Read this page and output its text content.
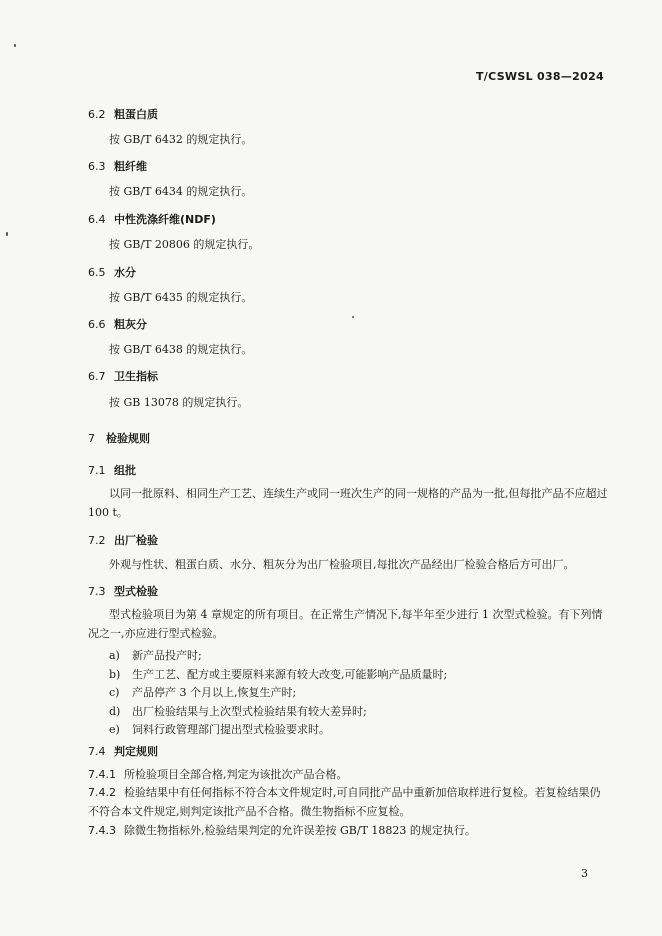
T/CSWSL 038—2024
6.2 粗蛋白质
按 GB/T 6432 的规定执行。
6.3 粗纤维
按 GB/T 6434 的规定执行。
6.4 中性洗涤纤维(NDF)
按 GB/T 20806 的规定执行。
6.5 水分
按 GB/T 6435 的规定执行。
6.6 粗灰分
按 GB/T 6438 的规定执行。
6.7 卫生指标
按 GB 13078 的规定执行。
7 检验规则
7.1 组批
以同一批原料、相同生产工艺、连续生产或同一班次生产的同一规格的产品为一批,但每批产品不应超过 100 t。
7.2 出厂检验
外观与性状、粗蛋白质、水分、粗灰分为出厂检验项目,每批次产品经出厂检验合格后方可出厂。
7.3 型式检验
型式检验项目为第 4 章规定的所有项目。在正常生产情况下,每半年至少进行 1 次型式检验。有下列情况之一,亦应进行型式检验。
a) 新产品投产时;
b) 生产工艺、配方或主要原料来源有较大改变,可能影响产品质量时;
c) 产品停产 3 个月以上,恢复生产时;
d) 出厂检验结果与上次型式检验结果有较大差异时;
e) 饲料行政管理部门提出型式检验要求时。
7.4 判定规则
7.4.1 所检验项目全部合格,判定为该批次产品合格。
7.4.2 检验结果中有任何指标不符合本文件规定时,可自同批产品中重新加倍取样进行复检。若复检结果仍不符合本文件规定,则判定该批产品不合格。微生物指标不应复检。
7.4.3 除微生物指标外,检验结果判定的允许误差按 GB/T 18823 的规定执行。
3
